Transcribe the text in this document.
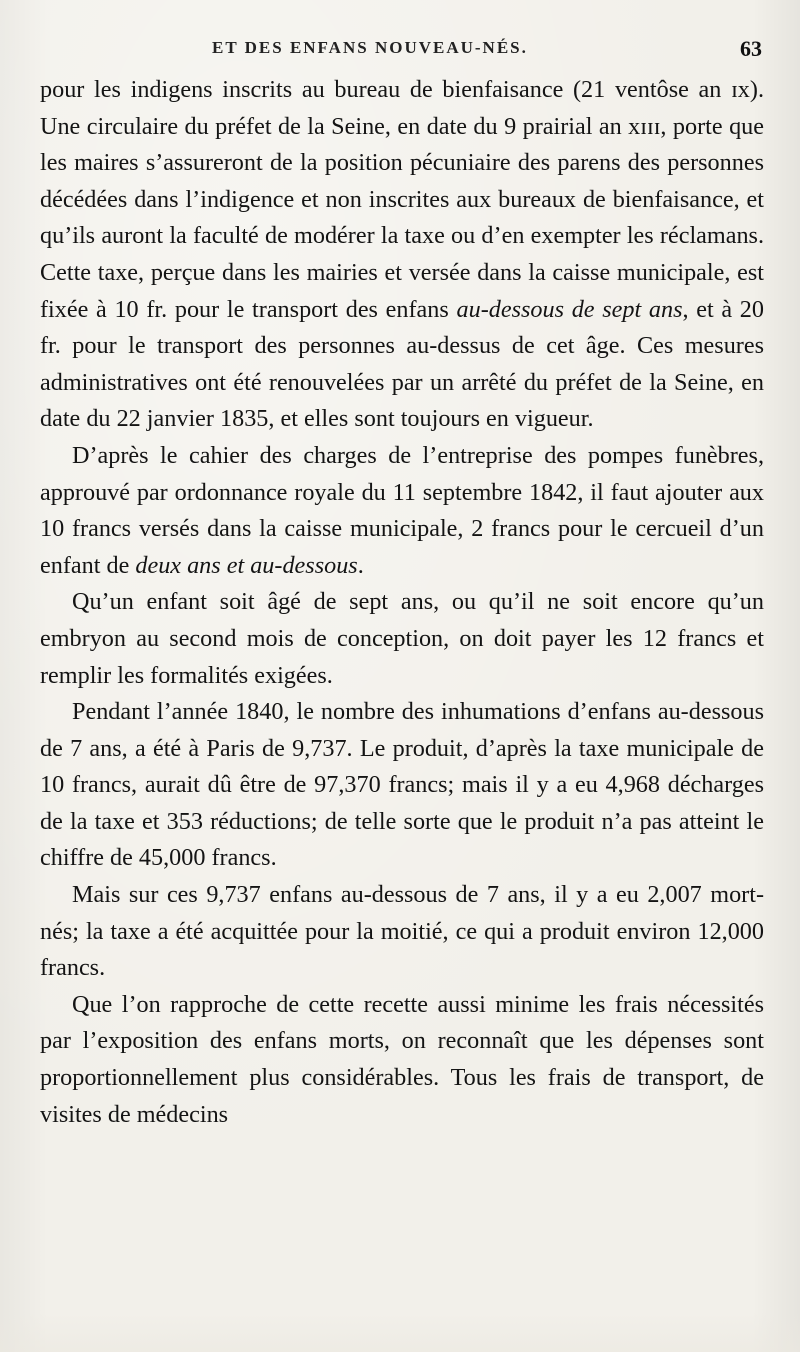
ET DES ENFANS NOUVEAU-NÉS.	63

pour les indigens inscrits au bureau de bienfaisance (21 ventôse an ɪx). Une circulaire du préfet de la Seine, en date du 9 prairial an xɪɪɪ, porte que les maires s’assureront de la position pécuniaire des parens des personnes décédées dans l’indigence et non inscrites aux bureaux de bienfaisance, et qu’ils auront la faculté de modérer la taxe ou d’en exempter les réclamans. Cette taxe, perçue dans les mairies et versée dans la caisse municipale, est fixée à 10 fr. pour le transport des enfans au-dessous de sept ans, et à 20 fr. pour le transport des personnes au-dessus de cet âge. Ces mesures administratives ont été renouvelées par un arrêté du préfet de la Seine, en date du 22 janvier 1835, et elles sont toujours en vigueur.

D’après le cahier des charges de l’entreprise des pompes funèbres, approuvé par ordonnance royale du 11 septembre 1842, il faut ajouter aux 10 francs versés dans la caisse municipale, 2 francs pour le cercueil d’un enfant de deux ans et au-dessous.

Qu’un enfant soit âgé de sept ans, ou qu’il ne soit encore qu’un embryon au second mois de conception, on doit payer les 12 francs et remplir les formalités exigées.

Pendant l’année 1840, le nombre des inhumations d’enfans au-dessous de 7 ans, a été à Paris de 9,737. Le produit, d’après la taxe municipale de 10 francs, aurait dû être de 97,370 francs; mais il y a eu 4,968 décharges de la taxe et 353 réductions; de telle sorte que le produit n’a pas atteint le chiffre de 45,000 francs.

Mais sur ces 9,737 enfans au-dessous de 7 ans, il y a eu 2,007 mort-nés; la taxe a été acquittée pour la moitié, ce qui a produit environ 12,000 francs.

Que l’on rapproche de cette recette aussi minime les frais nécessités par l’exposition des enfans morts, on reconnaît que les dépenses sont proportionnellement plus considérables. Tous les frais de transport, de visites de médecins
